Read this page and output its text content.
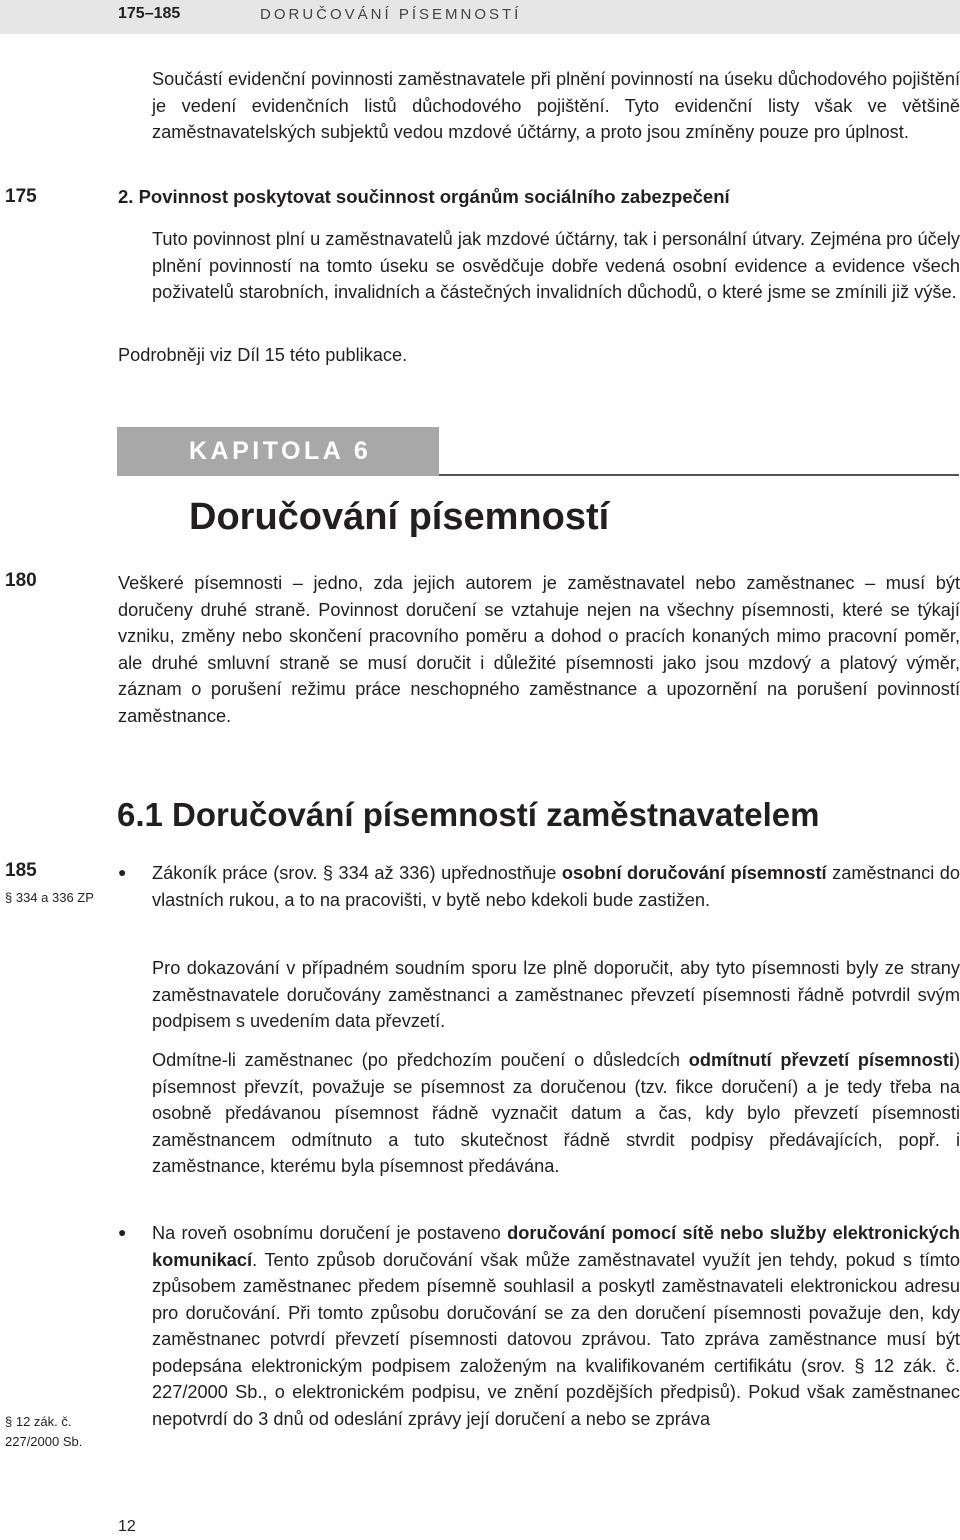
175–185	DORUČOVÁNÍ PÍSEMNOSTÍ
Součástí evidenční povinnosti zaměstnavatele při plnění povinností na úseku důchodového pojištění je vedení evidenčních listů důchodového pojištění. Tyto evidenční listy však ve většině zaměstnavatelských subjektů vedou mzdové účtárny, a proto jsou zmíněny pouze pro úplnost.
175	2. Povinnost poskytovat součinnost orgánům sociálního zabezpečení
Tuto povinnost plní u zaměstnavatelů jak mzdové účtárny, tak i personální útvary. Zejména pro účely plnění povinností na tomto úseku se osvědčuje dobře vedená osobní evidence a evidence všech poživatelů starobních, invalidních a částečných invalidních důchodů, o které jsme se zmínili již výše.
Podrobněji viz Díl 15 této publikace.
KAPITOLA 6
Doručování písemností
180	Veškeré písemnosti – jedno, zda jejich autorem je zaměstnavatel nebo zaměstnanec – musí být doručeny druhé straně. Povinnost doručení se vztahuje nejen na všechny písemnosti, které se týkají vzniku, změny nebo skončení pracovního poměru a dohod o pracích konaných mimo pracovní poměr, ale druhé smluvní straně se musí doručit i důležité písemnosti jako jsou mzdový a platový výměr, záznam o porušení režimu práce neschopného zaměstnance a upozornění na porušení povinností zaměstnance.
6.1 Doručování písemností zaměstnavatelem
185
§ 334 a 336 ZP
§ 12 zák. č.
227/2000 Sb.
● Zákoník práce (srov. § 334 až 336) upřednostňuje osobní doručování písemností zaměstnanci do vlastních rukou, a to na pracovišti, v bytě nebo kdekoli bude zastižen.
Pro dokazování v případném soudním sporu lze plně doporučit, aby tyto písemnosti byly ze strany zaměstnavatele doručovány zaměstnanci a zaměstnanec převzetí písemnosti řádně potvrdil svým podpisem s uvedením data převzetí.
Odmítne-li zaměstnanec (po předchozím poučení o důsledcích odmítnutí převzetí písemnosti) písemnost převzít, považuje se písemnost za doručenou (tzv. fikce doručení) a je tedy třeba na osobně předávanou písemnost řádně vyznačit datum a čas, kdy bylo převzetí písemnosti zaměstnancem odmítnuto a tuto skutečnost řádně stvrdit podpisy předávajících, popř. i zaměstnance, kterému byla písemnost předávána.
● Na roveň osobnímu doručení je postaveno doručování pomocí sítě nebo služby elektronických komunikací. Tento způsob doručování však může zaměstnavatel využít jen tehdy, pokud s tímto způsobem zaměstnanec předem písemně souhlasil a poskytl zaměstnavateli elektronickou adresu pro doručování. Při tomto způsobu doručování se za den doručení písemnosti považuje den, kdy zaměstnanec potvrdí převzetí písemnosti datovou zprávou. Tato zpráva zaměstnance musí být podepsána elektronickým podpisem založeným na kvalifikovaném certifikátu (srov. § 12 zák. č. 227/2000 Sb., o elektronickém podpisu, ve znění pozdějších předpisů). Pokud však zaměstnanec nepotvrdí do 3 dnů od odeslání zprávy její doručení a nebo se zpráva
12
